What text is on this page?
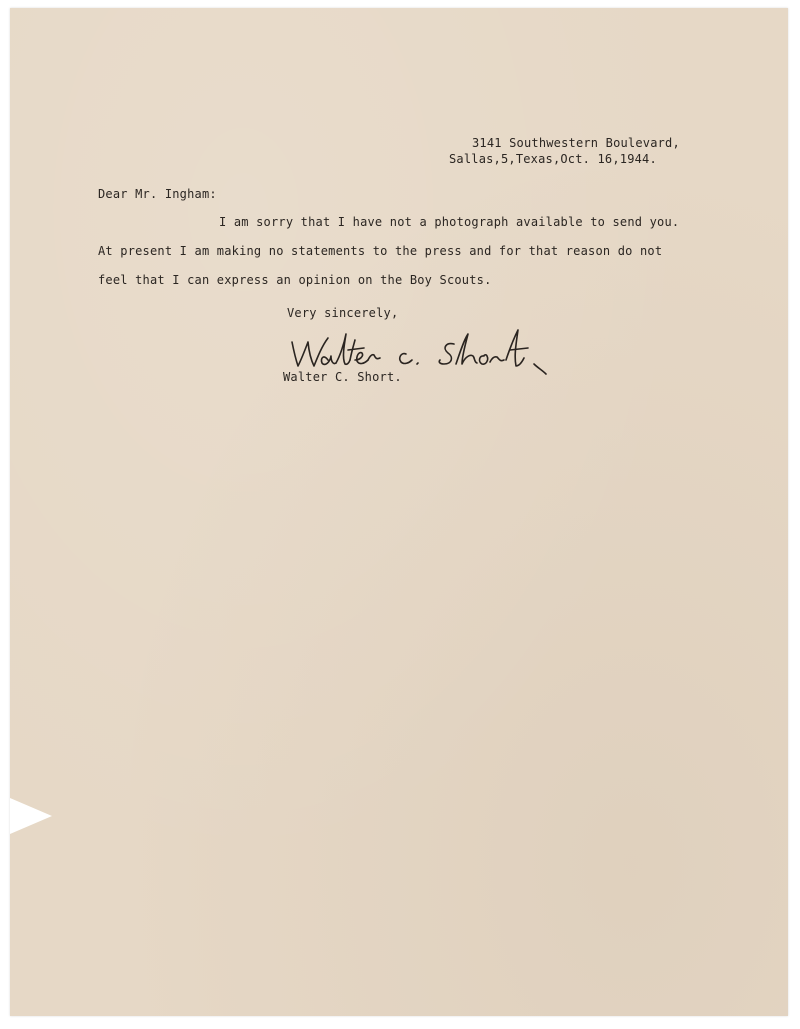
3141 Southwestern Boulevard,
Sallas,5,Texas,Oct. 16,1944.
Dear Mr. Ingham:
I am sorry that I have not a photograph available to send you.
At present I am making no statements to the press and for that reason do not
feel that I can express an opinion on the Boy Scouts.
Very sincerely,
Walter C. Short.
